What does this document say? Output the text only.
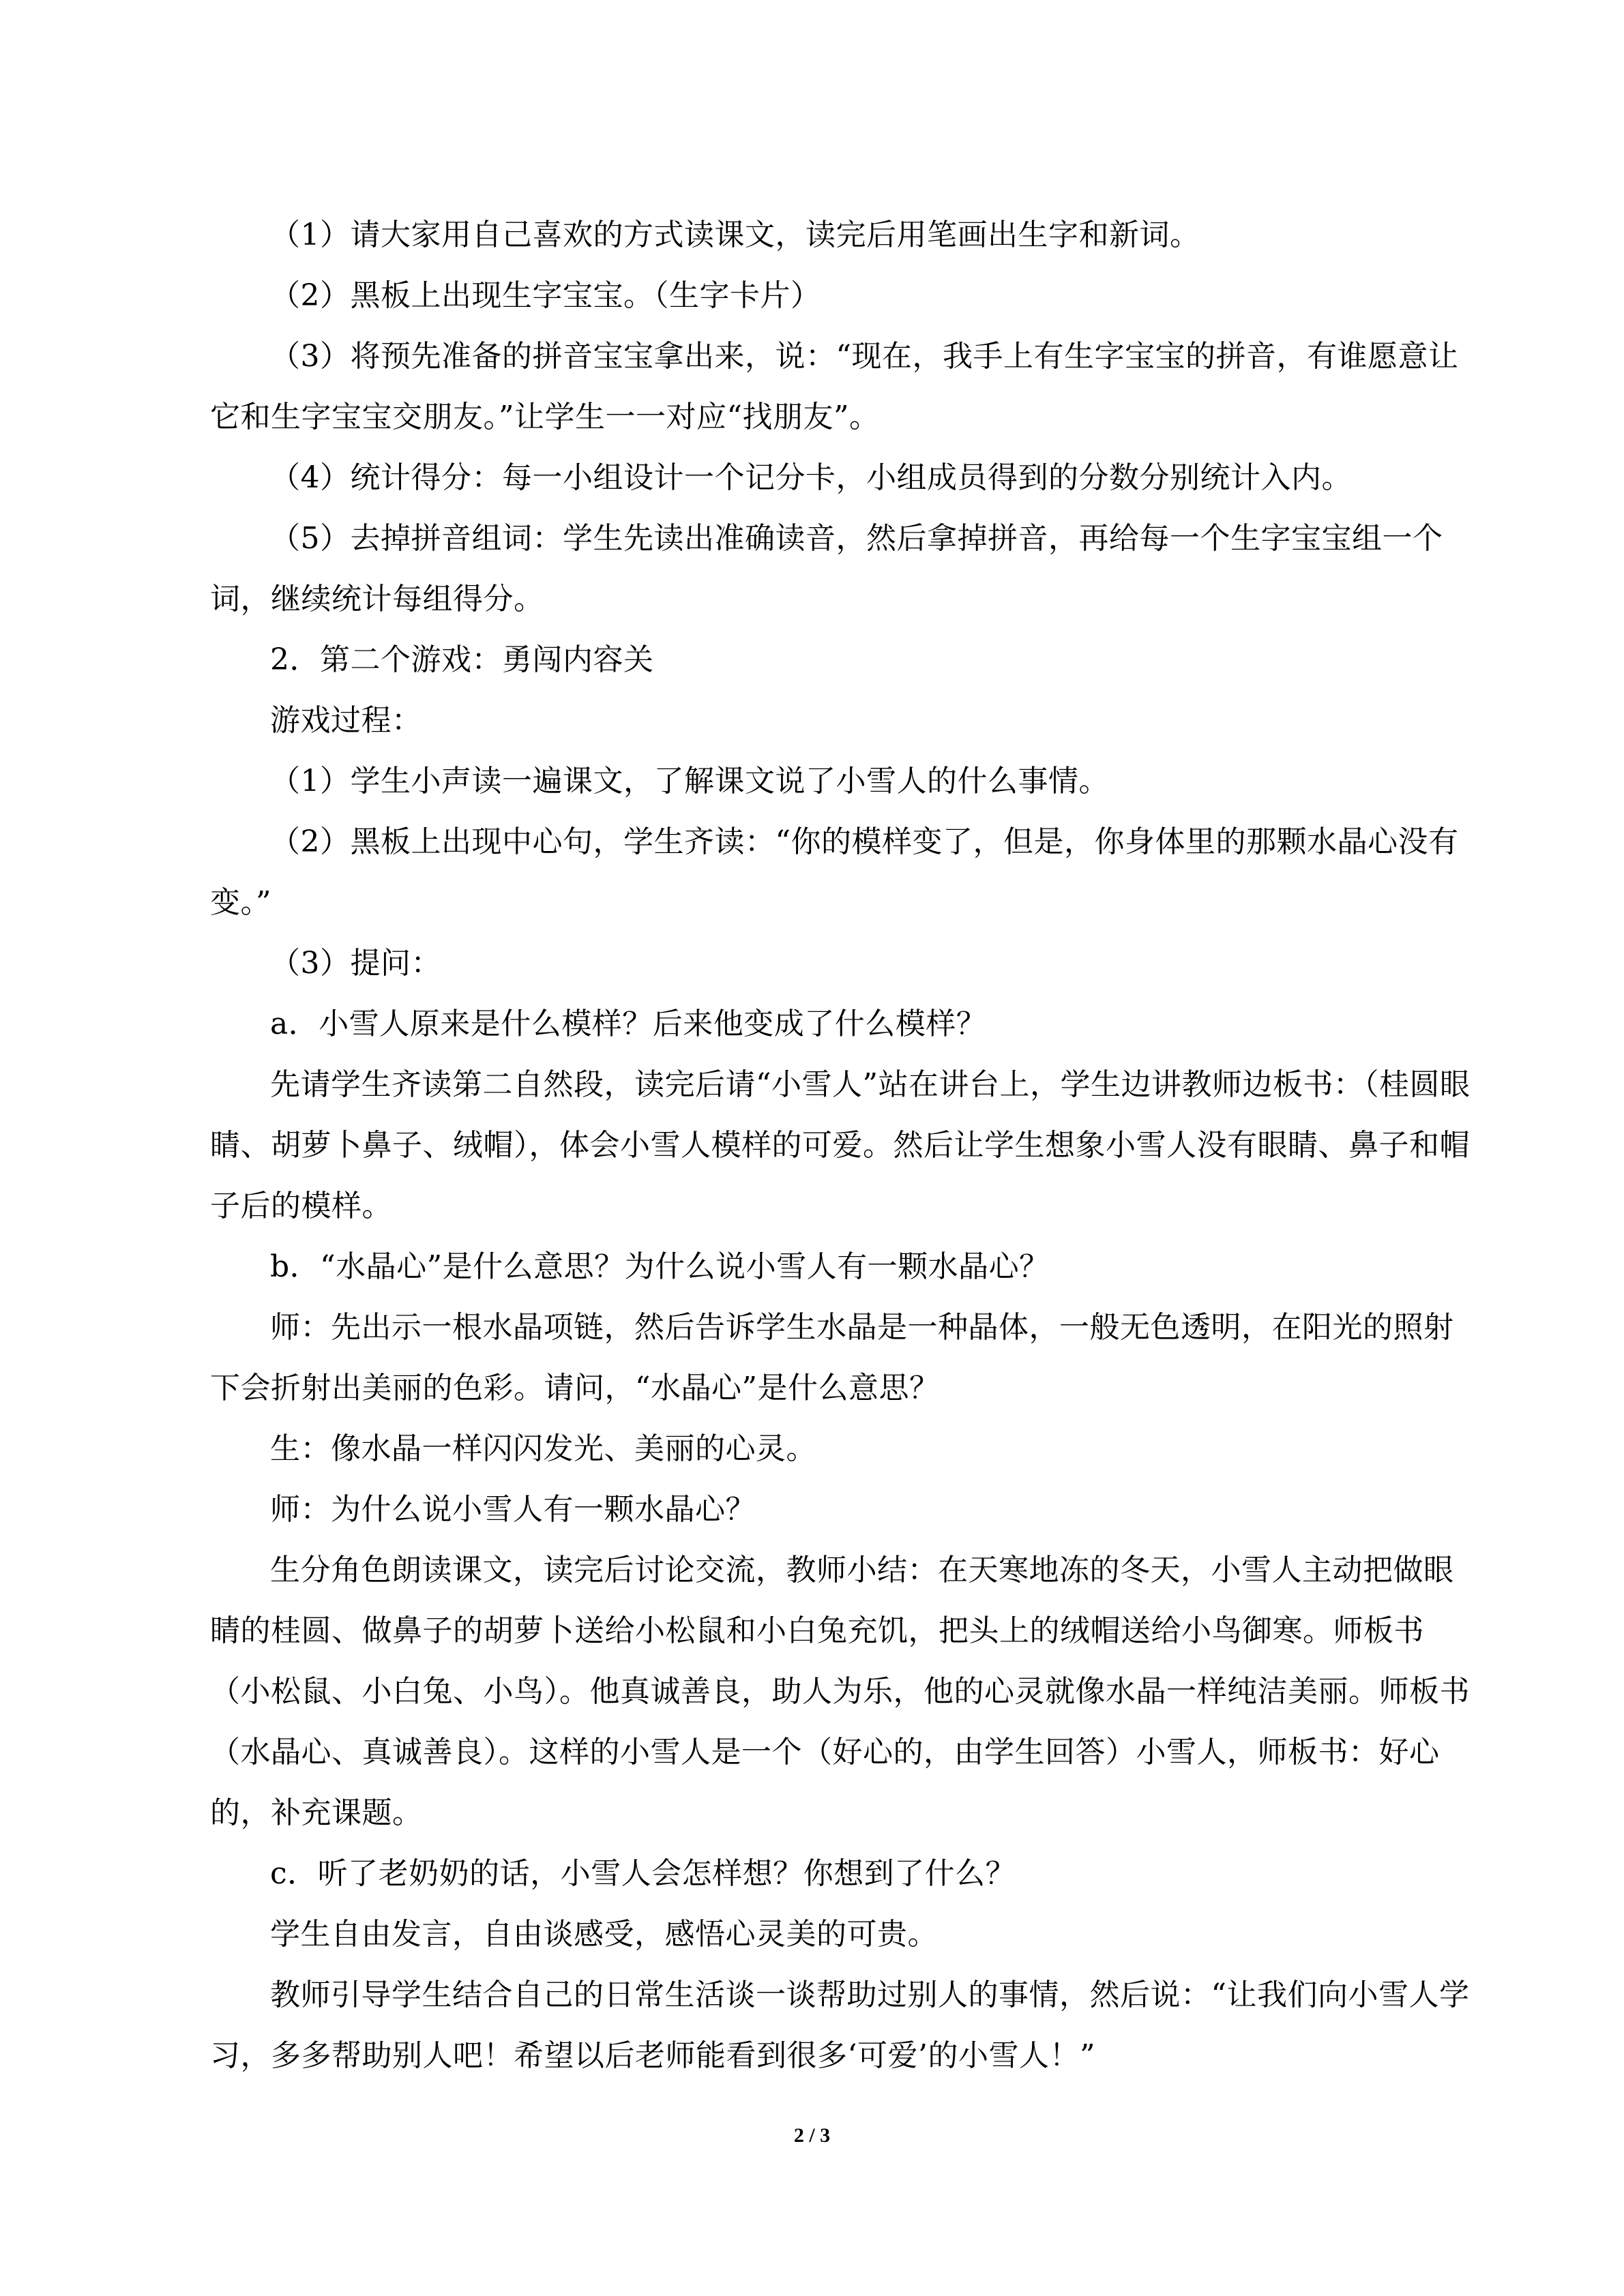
（1）请大家用自己喜欢的方式读课文，读完后用笔画出生字和新词。

（2）黑板上出现生字宝宝。（生字卡片）

（3）将预先准备的拼音宝宝拿出来，说：“现在，我手上有生字宝宝的拼音，有谁愿意让它和生字宝宝交朋友。”让学生一一对应“找朋友”。

（4）统计得分：每一小组设计一个记分卡，小组成员得到的分数分别统计入内。

（5）去掉拼音组词：学生先读出准确读音，然后拿掉拼音，再给每一个生字宝宝组一个词，继续统计每组得分。

2．第二个游戏：勇闯内容关

游戏过程：

（1）学生小声读一遍课文，了解课文说了小雪人的什么事情。

（2）黑板上出现中心句，学生齐读：“你的模样变了，但是，你身体里的那颗水晶心没有变。”

（3）提问：

a．小雪人原来是什么模样？后来他变成了什么模样？

先请学生齐读第二自然段，读完后请“小雪人”站在讲台上，学生边讲教师边板书：（桂圆眼睛、胡萝卜鼻子、绒帽），体会小雪人模样的可爱。然后让学生想象小雪人没有眼睛、鼻子和帽子后的模样。

b．“水晶心”是什么意思？为什么说小雪人有一颗水晶心？

师：先出示一根水晶项链，然后告诉学生水晶是一种晶体，一般无色透明，在阳光的照射下会折射出美丽的色彩。请问，“水晶心”是什么意思？

生：像水晶一样闪闪发光、美丽的心灵。

师：为什么说小雪人有一颗水晶心？

生分角色朗读课文，读完后讨论交流，教师小结：在天寒地冻的冬天，小雪人主动把做眼睛的桂圆、做鼻子的胡萝卜送给小松鼠和小白兔充饥，把头上的绒帽送给小鸟御寒。师板书（小松鼠、小白兔、小鸟）。他真诚善良，助人为乐，他的心灵就像水晶一样纯洁美丽。师板书（水晶心、真诚善良）。这样的小雪人是一个（好心的，由学生回答）小雪人，师板书：好心的，补充课题。

c．听了老奶奶的话，小雪人会怎样想？你想到了什么？

学生自由发言，自由谈感受，感悟心灵美的可贵。

教师引导学生结合自己的日常生活谈一谈帮助过别人的事情，然后说：“让我们向小雪人学习，多多帮助别人吧！希望以后老师能看到很多‘可爱’的小雪人！”

2 / 3
